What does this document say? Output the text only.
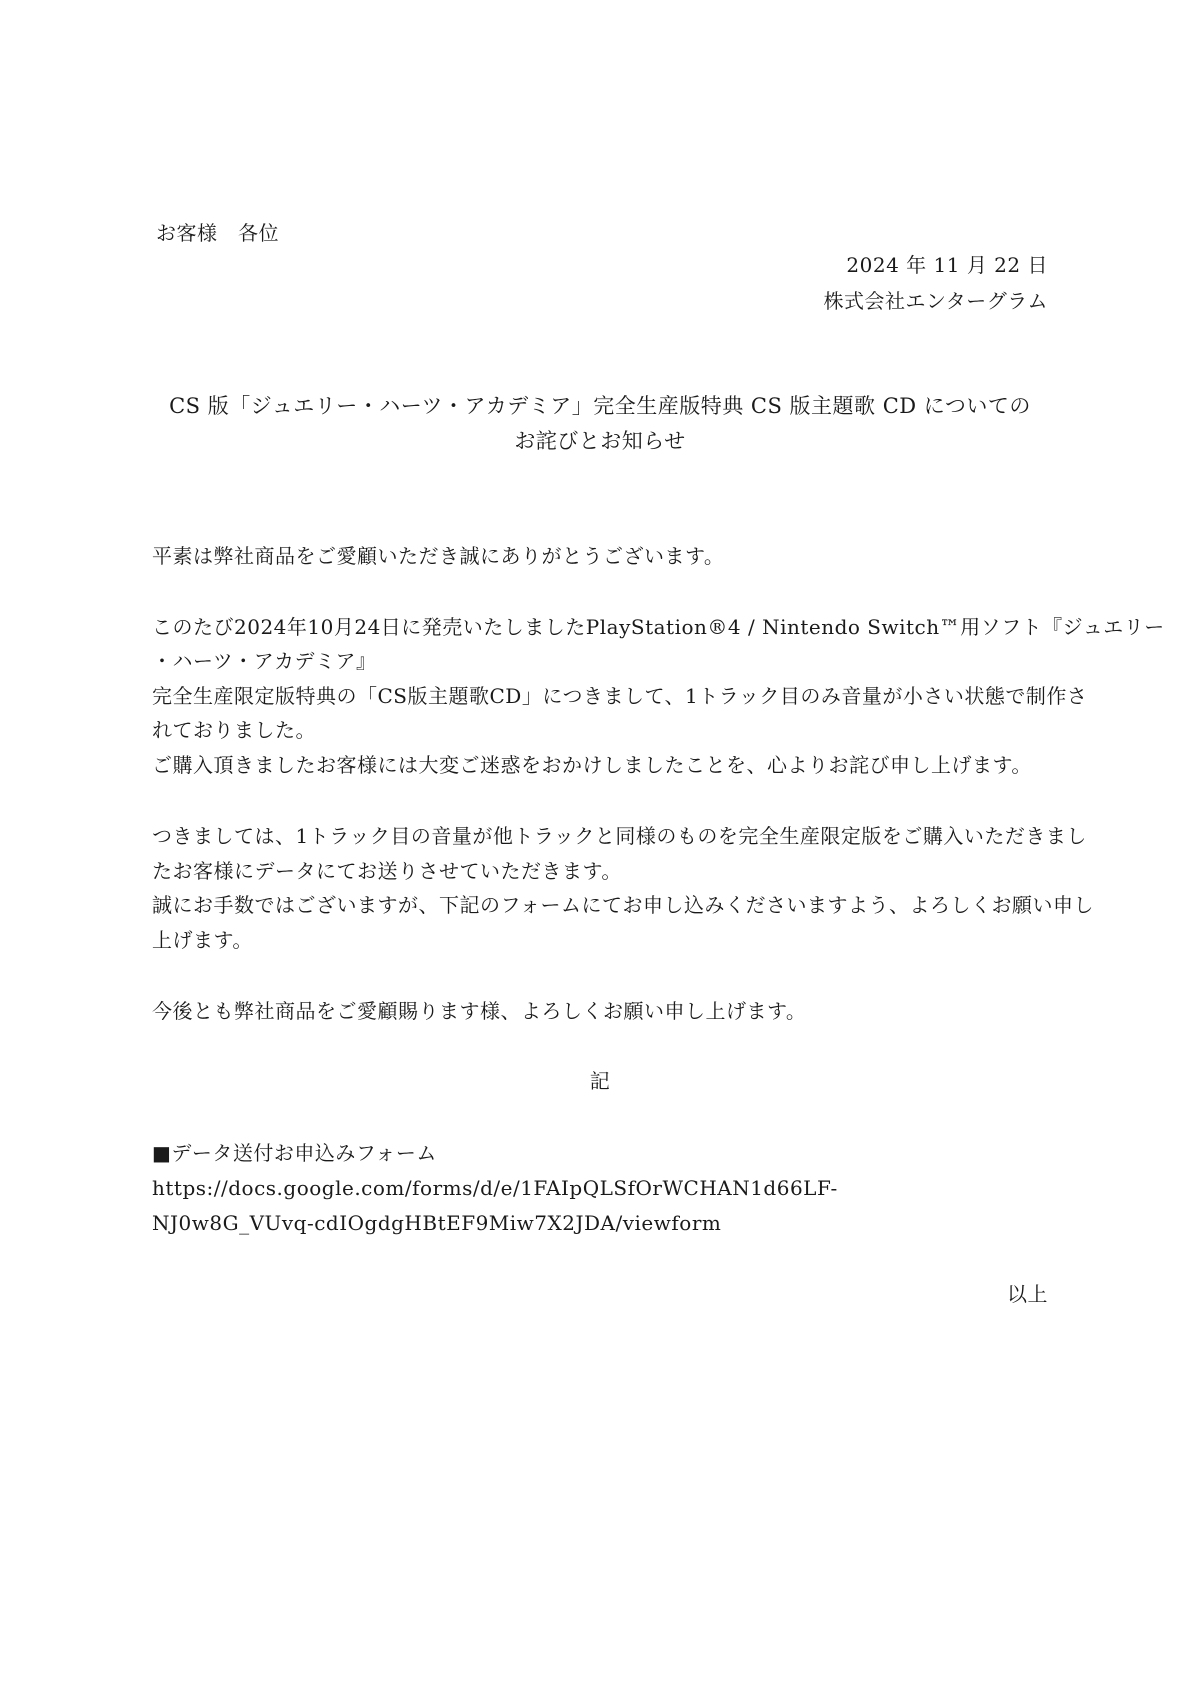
お客様　各位
2024 年 11 月 22 日
株式会社エンターグラム
CS 版「ジュエリー・ハーツ・アカデミア」完全生産版特典 CS 版主題歌 CD についての
お詫びとお知らせ
平素は弊社商品をご愛顧いただき誠にありがとうございます。
このたび2024年10月24日に発売いたしましたPlayStation®4 / Nintendo Switch™用ソフト『ジュエリー
・ハーツ・アカデミア』
完全生産限定版特典の「CS版主題歌CD」につきまして、1トラック目のみ音量が小さい状態で制作さ
れておりました。
ご購入頂きましたお客様には大変ご迷惑をおかけしましたことを、心よりお詫び申し上げます。
つきましては、1トラック目の音量が他トラックと同様のものを完全生産限定版をご購入いただきまし
たお客様にデータにてお送りさせていただきます。
誠にお手数ではございますが、下記のフォームにてお申し込みくださいますよう、よろしくお願い申し
上げます。
今後とも弊社商品をご愛顧賜ります様、よろしくお願い申し上げます。
記
■データ送付お申込みフォーム
https://docs.google.com/forms/d/e/1FAIpQLSfOrWCHAN1d66LF-
NJ0w8G_VUvq-cdIOgdgHBtEF9Miw7X2JDA/viewform
以上
